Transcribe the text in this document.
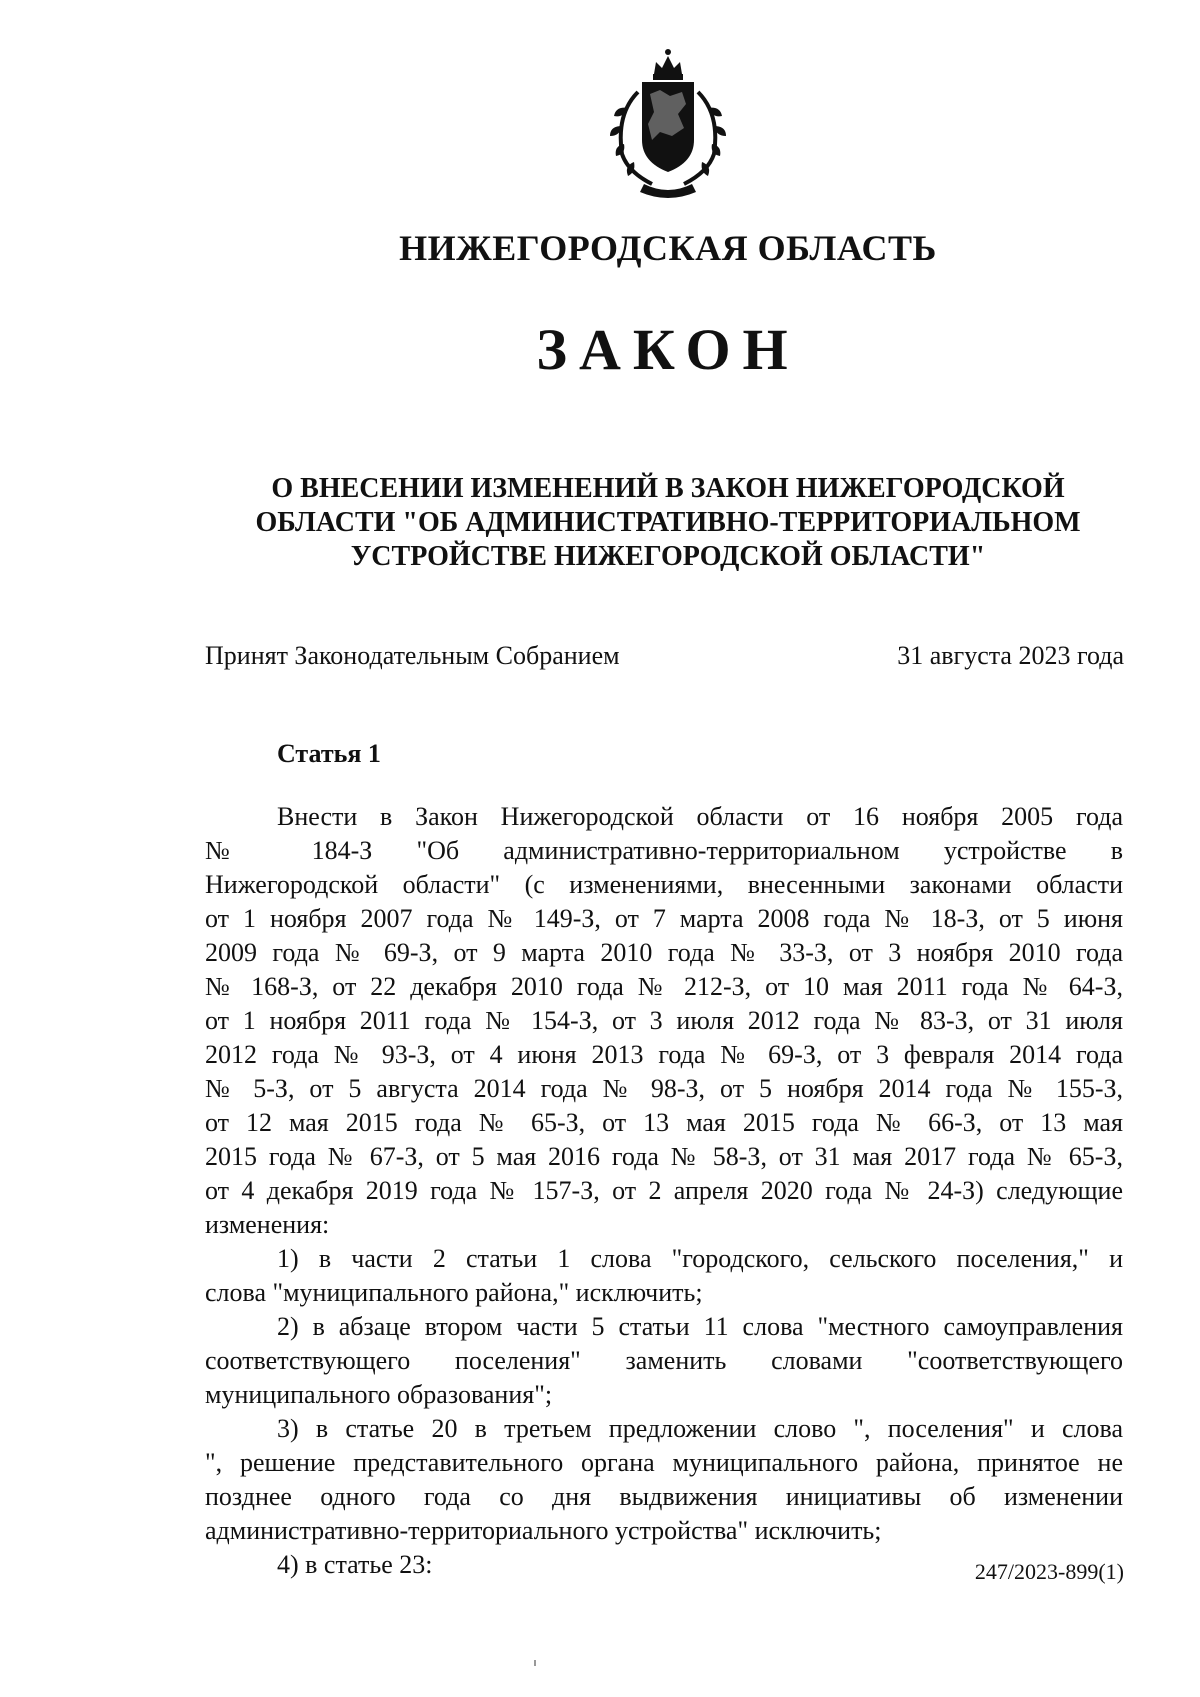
НИЖЕГОРОДСКАЯ ОБЛАСТЬ
ЗАКОН
О ВНЕСЕНИИ ИЗМЕНЕНИЙ В ЗАКОН НИЖЕГОРОДСКОЙ
ОБЛАСТИ "ОБ АДМИНИСТРАТИВНО-ТЕРРИТОРИАЛЬНОМ
УСТРОЙСТВЕ НИЖЕГОРОДСКОЙ ОБЛАСТИ"
Принят Законодательным Собранием	31 августа 2023 года
Статья 1
Внести в Закон Нижегородской области от 16 ноября 2005 года
№ 184-З "Об административно-территориальном устройстве в
Нижегородской области" (с изменениями, внесенными законами области
от 1 ноября 2007 года № 149-З, от 7 марта 2008 года № 18-З, от 5 июня
2009 года № 69-З, от 9 марта 2010 года № 33-З, от 3 ноября 2010 года
№ 168-З, от 22 декабря 2010 года № 212-З, от 10 мая 2011 года № 64-З,
от 1 ноября 2011 года № 154-З, от 3 июля 2012 года № 83-З, от 31 июля
2012 года № 93-З, от 4 июня 2013 года № 69-З, от 3 февраля 2014 года
№ 5-З, от 5 августа 2014 года № 98-З, от 5 ноября 2014 года № 155-З,
от 12 мая 2015 года № 65-З, от 13 мая 2015 года № 66-З, от 13 мая
2015 года № 67-З, от 5 мая 2016 года № 58-З, от 31 мая 2017 года № 65-З,
от 4 декабря 2019 года № 157-З, от 2 апреля 2020 года № 24-З) следующие
изменения:
1) в части 2 статьи 1 слова "городского, сельского поселения," и
слова "муниципального района," исключить;
2) в абзаце втором части 5 статьи 11 слова "местного самоуправления
соответствующего поселения" заменить словами "соответствующего
муниципального образования";
3) в статье 20 в третьем предложении слово ", поселения" и слова
", решение представительного органа муниципального района, принятое не
позднее одного года со дня выдвижения инициативы об изменении
административно-территориального устройства" исключить;
4) в статье 23:	247/2023-899(1)
